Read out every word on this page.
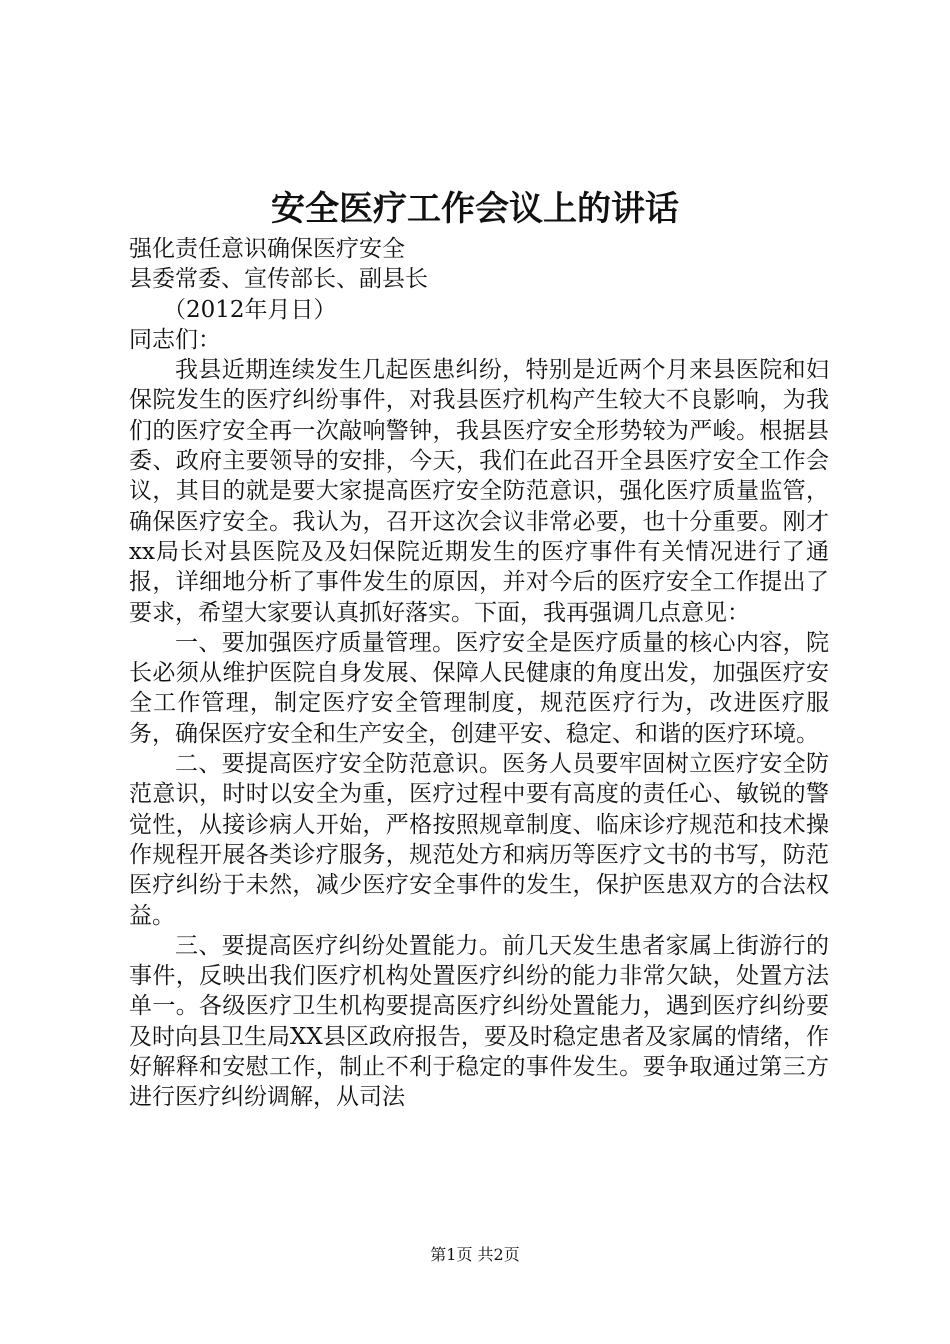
安全医疗工作会议上的讲话

强化责任意识确保医疗安全

县委常委、宣传部长、副县长

（2012年月日）

同志们：

我县近期连续发生几起医患纠纷，特别是近两个月来县医院和妇保院发生的医疗纠纷事件，对我县医疗机构产生较大不良影响，为我们的医疗安全再一次敲响警钟，我县医疗安全形势较为严峻。根据县委、政府主要领导的安排，今天，我们在此召开全县医疗安全工作会议，其目的就是要大家提高医疗安全防范意识，强化医疗质量监管，确保医疗安全。我认为，召开这次会议非常必要，也十分重要。刚才xx局长对县医院及及妇保院近期发生的医疗事件有关情况进行了通报，详细地分析了事件发生的原因，并对今后的医疗安全工作提出了要求，希望大家要认真抓好落实。下面，我再强调几点意见：

一、要加强医疗质量管理。医疗安全是医疗质量的核心内容，院长必须从维护医院自身发展、保障人民健康的角度出发，加强医疗安全工作管理，制定医疗安全管理制度，规范医疗行为，改进医疗服务，确保医疗安全和生产安全，创建平安、稳定、和谐的医疗环境。

二、要提高医疗安全防范意识。医务人员要牢固树立医疗安全防范意识，时时以安全为重，医疗过程中要有高度的责任心、敏锐的警觉性，从接诊病人开始，严格按照规章制度、临床诊疗规范和技术操作规程开展各类诊疗服务，规范处方和病历等医疗文书的书写，防范医疗纠纷于未然，减少医疗安全事件的发生，保护医患双方的合法权益。

三、要提高医疗纠纷处置能力。前几天发生患者家属上街游行的事件，反映出我们医疗机构处置医疗纠纷的能力非常欠缺，处置方法单一。各级医疗卫生机构要提高医疗纠纷处置能力，遇到医疗纠纷要及时向县卫生局XX县区政府报告，要及时稳定患者及家属的情绪，作好解释和安慰工作，制止不利于稳定的事件发生。要争取通过第三方进行医疗纠纷调解，从司法

第1页 共2页
